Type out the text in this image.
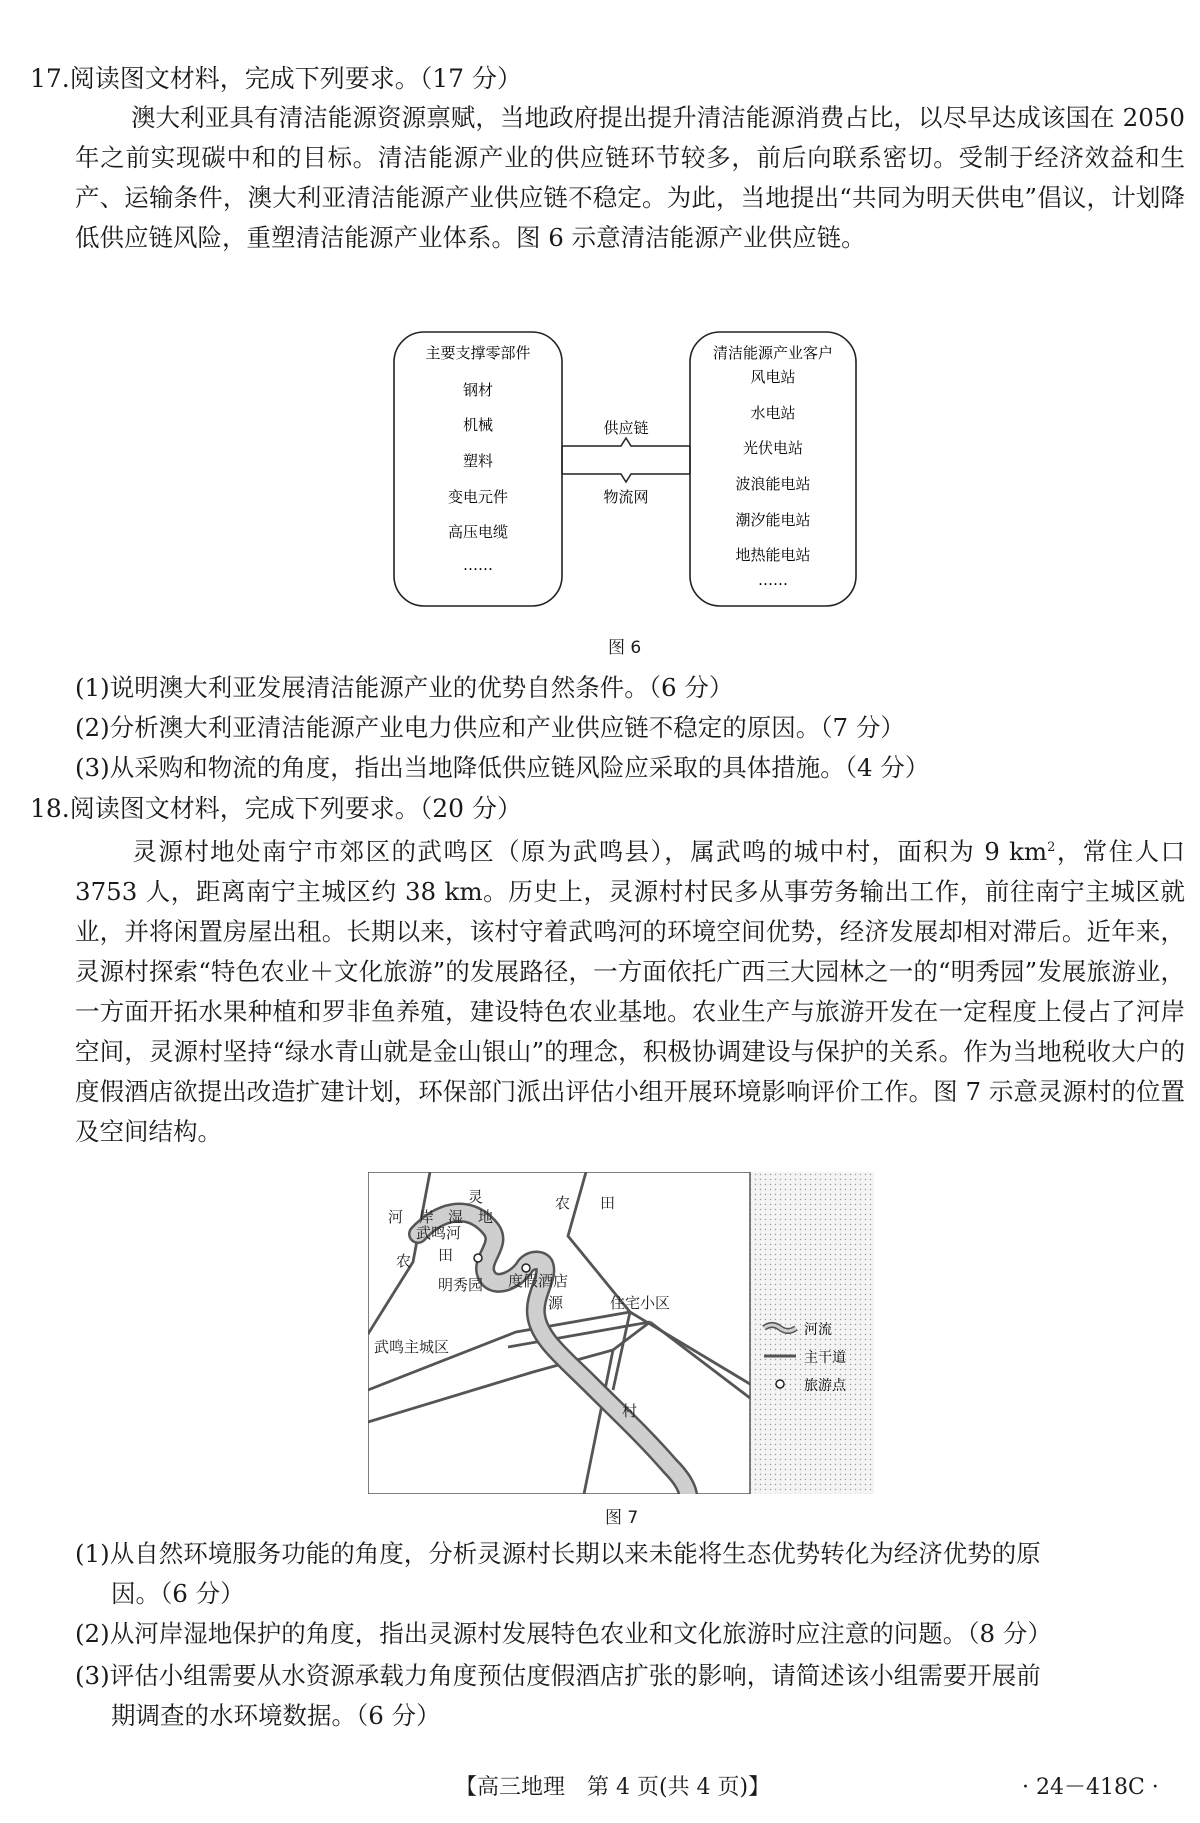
17.阅读图文材料，完成下列要求。（17 分）
澳大利亚具有清洁能源资源禀赋，当地政府提出提升清洁能源消费占比，以尽早达成该国在 2050 年之前实现碳中和的目标。清洁能源产业的供应链环节较多，前后向联系密切。受制于经济效益和生产、运输条件，澳大利亚清洁能源产业供应链不稳定。为此，当地提出“共同为明天供电”倡议，计划降低供应链风险，重塑清洁能源产业体系。图 6 示意清洁能源产业供应链。
供应链
物流网
主要支撑零部件
钢材
机械
塑料
变电元件
高压电缆
……
清洁能源产业客户
风电站
水电站
光伏电站
波浪能电站
潮汐能电站
地热能电站
……
图 6
(1)说明澳大利亚发展清洁能源产业的优势自然条件。（6 分）
(2)分析澳大利亚清洁能源产业电力供应和产业供应链不稳定的原因。（7 分）
(3)从采购和物流的角度，指出当地降低供应链风险应采取的具体措施。（4 分）
18.阅读图文材料，完成下列要求。（20 分）
灵源村地处南宁市郊区的武鸣区（原为武鸣县），属武鸣的城中村，面积为 9 $km^2$，常住人口 3753 人，距离南宁主城区约 38 km。历史上，灵源村村民多从事劳务输出工作，前往南宁主城区就业，并将闲置房屋出租。长期以来，该村守着武鸣河的环境空间优势，经济发展却相对滞后。近年来，灵源村探索“特色农业＋文化旅游”的发展路径，一方面依托广西三大园林之一的“明秀园”发展旅游业，一方面开拓水果种植和罗非鱼养殖，建设特色农业基地。农业生产与旅游开发在一定程度上侵占了河岸空间，灵源村坚持“绿水青山就是金山银山”的理念，积极协调建设与保护的关系。作为当地税收大户的度假酒店欲提出改造扩建计划，环保部门派出评估小组开展环境影响评价工作。图 7 示意灵源村的位置及空间结构。
河 岸 湿 地
灵	农 田
武鸣河
农 田
明秀园 度假酒店
源	住宅小区
武鸣主城区
村
河流
主干道
旅游点
图 7
(1)从自然环境服务功能的角度，分析灵源村长期以来未能将生态优势转化为经济优势的原
因。（6 分）
(2)从河岸湿地保护的角度，指出灵源村发展特色农业和文化旅游时应注意的问题。（8 分）
(3)评估小组需要从水资源承载力角度预估度假酒店扩张的影响，请简述该小组需要开展前
期调查的水环境数据。（6 分）
【高三地理　第 4 页(共 4 页)】	· 24－418C ·
